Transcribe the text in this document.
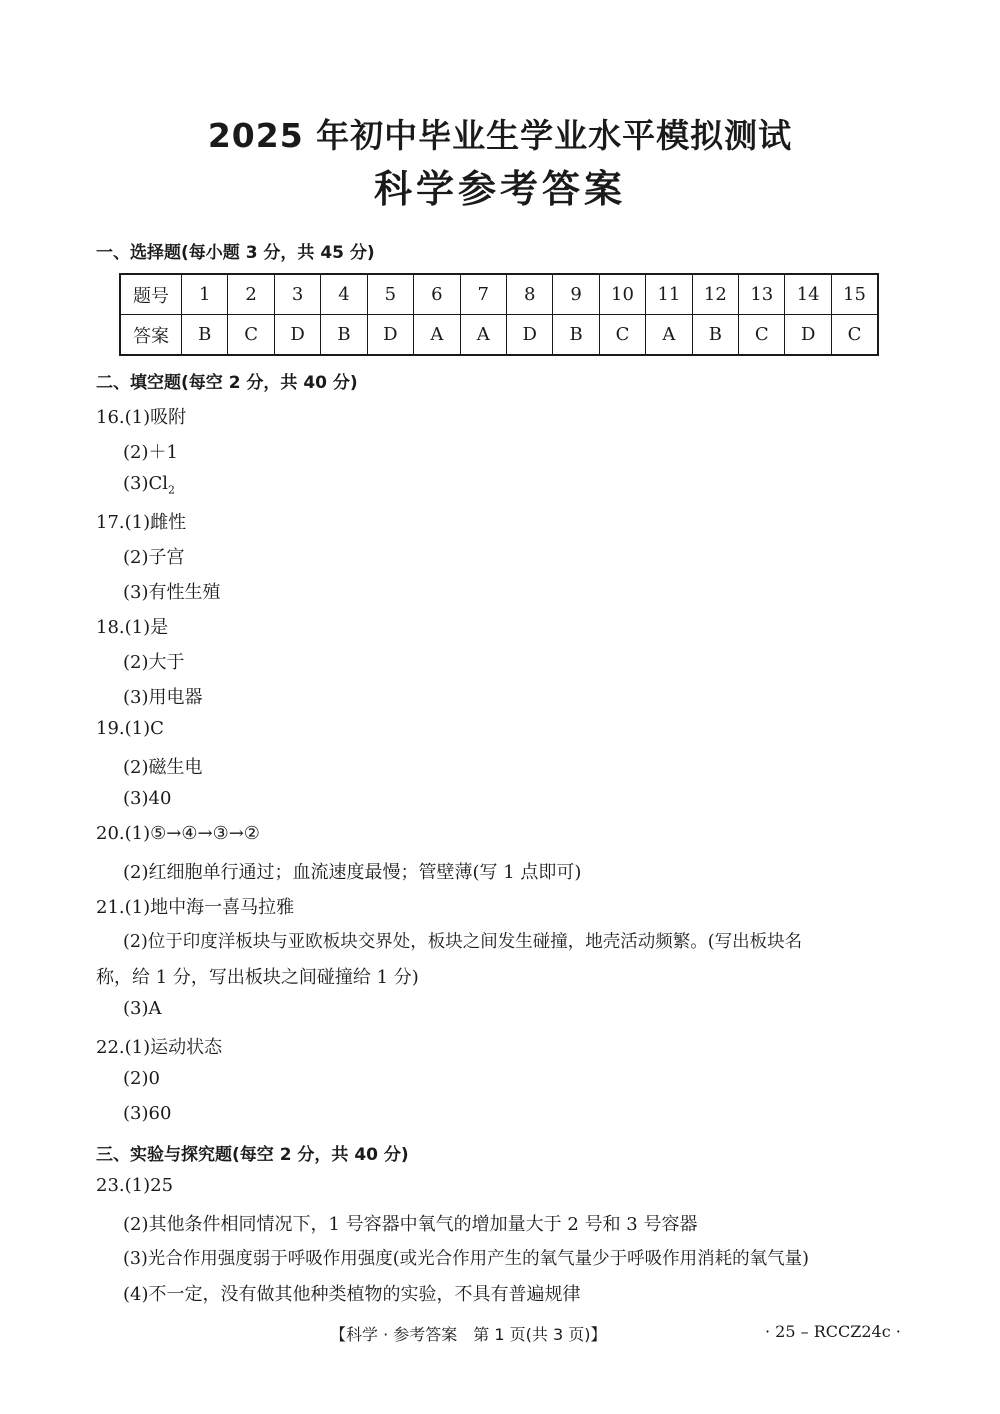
2025 年初中毕业生学业水平模拟测试
科学参考答案
一、选择题(每小题 3 分，共 45 分)
题号	1	2	3	4	5	6	7	8	9	10	11	12	13	14	15
答案	B	C	D	B	D	A	A	D	B	C	A	B	C	D	C
二、填空题(每空 2 分，共 40 分)
16.(1)吸附
(2)＋1
$(3)Cl_2$
17.(1)雌性
(2)子宫
(3)有性生殖
18.(1)是
(2)大于
(3)用电器
19.(1)C
(2)磁生电
(3)40
20.(1)⑤→④→③→②
(2)红细胞单行通过；血流速度最慢；管壁薄(写 1 点即可)
21.(1)地中海一喜马拉雅
(2)位于印度洋板块与亚欧板块交界处，板块之间发生碰撞，地壳活动频繁。(写出板块名
称，给 1 分，写出板块之间碰撞给 1 分)
(3)A
22.(1)运动状态
(2)0
(3)60
三、实验与探究题(每空 2 分，共 40 分)
23.(1)25
(2)其他条件相同情况下，1 号容器中氧气的增加量大于 2 号和 3 号容器
(3)光合作用强度弱于呼吸作用强度(或光合作用产生的氧气量少于呼吸作用消耗的氧气量)
(4)不一定，没有做其他种类植物的实验，不具有普遍规律
【科学 · 参考答案　第 1 页(共 3 页)】	· 25 – RCCZ24c ·
